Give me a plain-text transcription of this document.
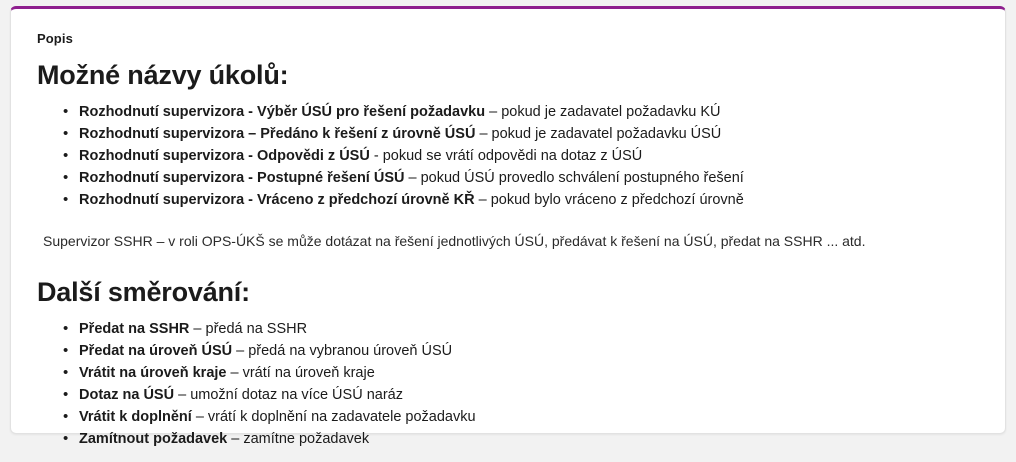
Popis
Možné názvy úkolů:
• Rozhodnutí supervizora - Výběr ÚSÚ pro řešení požadavku – pokud je zadavatel požadavku KÚ
• Rozhodnutí supervizora – Předáno k řešení z úrovně ÚSÚ – pokud je zadavatel požadavku ÚSÚ
• Rozhodnutí supervizora - Odpovědi z ÚSÚ - pokud se vrátí odpovědi na dotaz z ÚSÚ
• Rozhodnutí supervizora - Postupné řešení ÚSÚ – pokud ÚSÚ provedlo schválení postupného řešení
• Rozhodnutí supervizora - Vráceno z předchozí úrovně KŘ – pokud bylo vráceno z předchozí úrovně

Supervizor SSHR – v roli OPS-ÚKŠ se může dotázat na řešení jednotlivých ÚSÚ, předávat k řešení na ÚSÚ, předat na SSHR ... atd.

Další směrování:
• Předat na SSHR – předá na SSHR
• Předat na úroveň ÚSÚ – předá na vybranou úroveň ÚSÚ
• Vrátit na úroveň kraje – vrátí na úroveň kraje
• Dotaz na ÚSÚ – umožní dotaz na více ÚSÚ naráz
• Vrátit k doplnění – vrátí k doplnění na zadavatele požadavku
• Zamítnout požadavek – zamítne požadavek
